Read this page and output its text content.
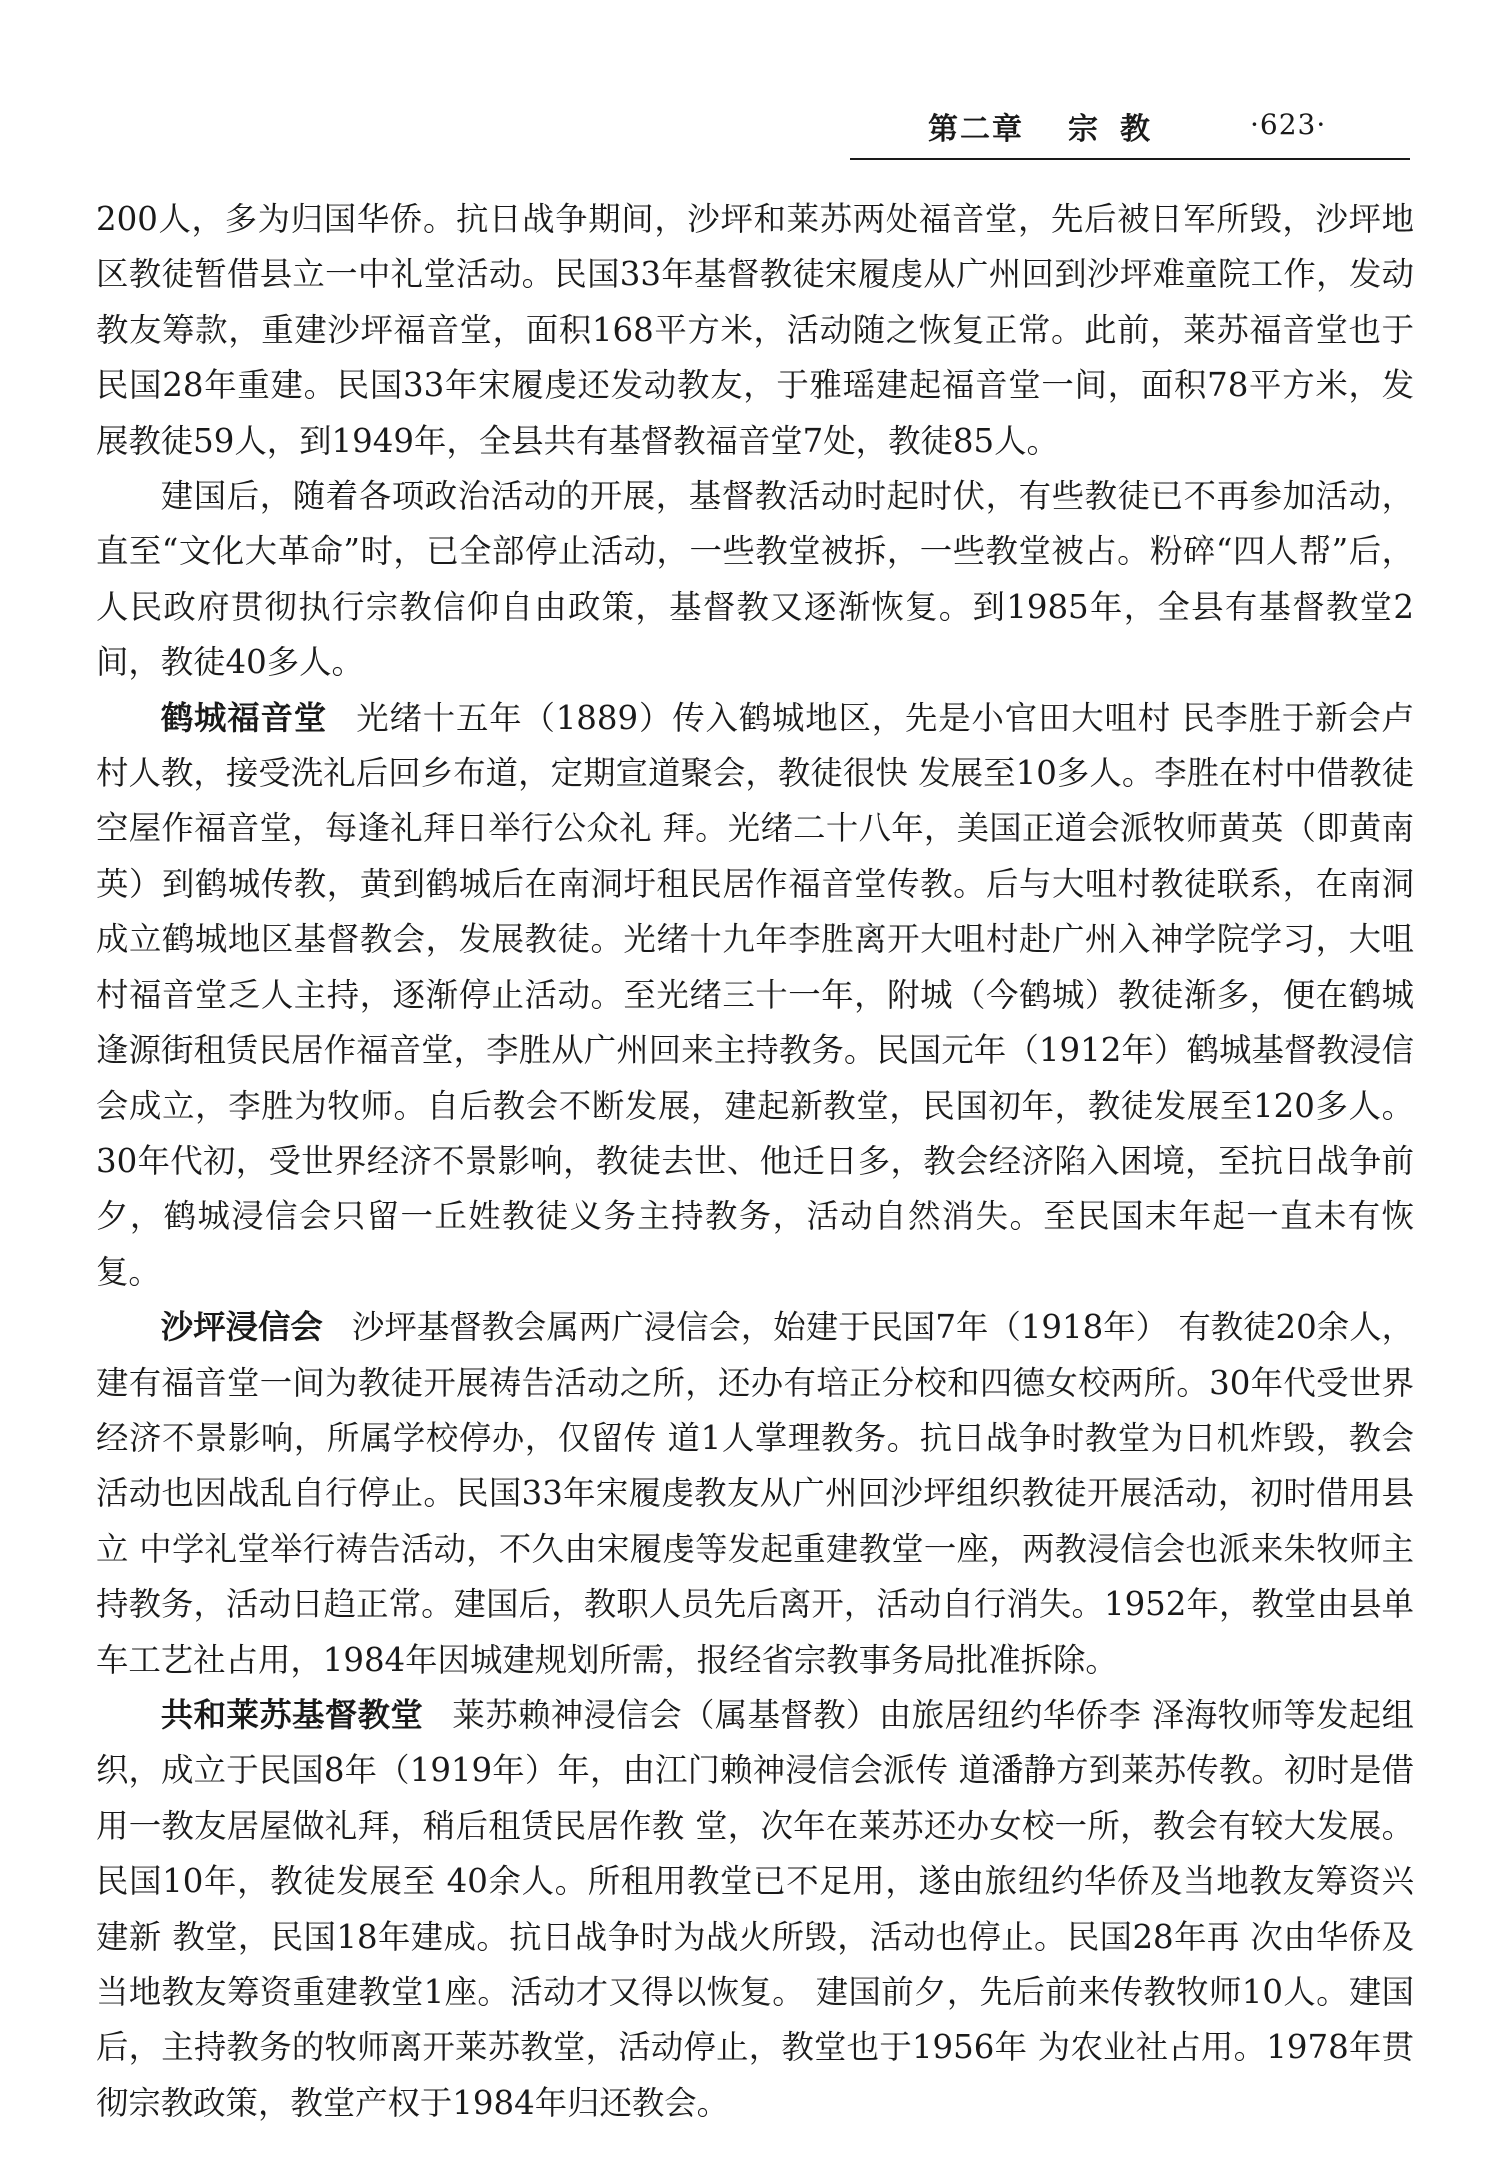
第二章 宗教	·623·

200人，多为归国华侨。抗日战争期间，沙坪和莱苏两处福音堂，先后被日军所毁，沙坪地区教徒暂借县立一中礼堂活动。民国33年基督教徒宋履虔从广州回到沙坪难童院工作，发动教友筹款，重建沙坪福音堂，面积168平方米，活动随之恢复正常。此前，莱苏福音堂也于民国28年重建。民国33年宋履虔还发动教友，于雅瑶建起福音堂一间，面积78平方米，发展教徒59人，到1949年，全县共有基督教福音堂7处，教徒85人。

建国后，随着各项政治活动的开展，基督教活动时起时伏，有些教徒已不再参加活动，直至“文化大革命”时，已全部停止活动，一些教堂被拆，一些教堂被占。粉碎“四人帮”后，人民政府贯彻执行宗教信仰自由政策，基督教又逐渐恢复。到1985年，全县有基督教堂2间，教徒40多人。

鹤城福音堂 光绪十五年（1889）传入鹤城地区，先是小官田大咀村 民李胜于新会卢村人教，接受洗礼后回乡布道，定期宣道聚会，教徒很快 发展至10多人。李胜在村中借教徒空屋作福音堂，每逢礼拜日举行公众礼 拜。光绪二十八年，美国正道会派牧师黄英（即黄南英）到鹤城传教，黄到鹤城后在南洞圩租民居作福音堂传教。后与大咀村教徒联系，在南洞成立鹤城地区基督教会，发展教徒。光绪十九年李胜离开大咀村赴广州入神学院学习，大咀村福音堂乏人主持，逐渐停止活动。至光绪三十一年，附城（今鹤城）教徒渐多，便在鹤城逢源街租赁民居作福音堂，李胜从广州回来主持教务。民国元年（1912年）鹤城基督教浸信会成立，李胜为牧师。自后教会不断发展，建起新教堂，民国初年，教徒发展至120多人。30年代初，受世界经济不景影响，教徒去世、他迁日多，教会经济陷入困境，至抗日战争前夕，鹤城浸信会只留一丘姓教徒义务主持教务，活动自然消失。至民国末年起一直未有恢复。

沙坪浸信会 沙坪基督教会属两广浸信会，始建于民国7年（1918年） 有教徒20余人，建有福音堂一间为教徒开展祷告活动之所，还办有培正分校和四德女校两所。30年代受世界经济不景影响，所属学校停办，仅留传 道1人掌理教务。抗日战争时教堂为日机炸毁，教会活动也因战乱自行停止。民国33年宋履虔教友从广州回沙坪组织教徒开展活动，初时借用县立 中学礼堂举行祷告活动，不久由宋履虔等发起重建教堂一座，两教浸信会也派来朱牧师主持教务，活动日趋正常。建国后，教职人员先后离开，活动自行消失。1952年，教堂由县单车工艺社占用，1984年因城建规划所需，报经省宗教事务局批准拆除。

共和莱苏基督教堂 莱苏赖神浸信会（属基督教）由旅居纽约华侨李 泽海牧师等发起组织，成立于民国8年（1919年）年，由江门赖神浸信会派传 道潘静方到莱苏传教。初时是借用一教友居屋做礼拜，稍后租赁民居作教 堂，次年在莱苏还办女校一所，教会有较大发展。民国10年，教徒发展至 40余人。所租用教堂已不足用，遂由旅纽约华侨及当地教友筹资兴建新 教堂，民国18年建成。抗日战争时为战火所毁，活动也停止。民国28年再 次由华侨及当地教友筹资重建教堂1座。活动才又得以恢复。 建国前夕，先后前来传教牧师10人。建国后，主持教务的牧师离开莱苏教堂，活动停止，教堂也于1956年 为农业社占用。1978年贯彻宗教政策，教堂产权于1984年归还教会。
